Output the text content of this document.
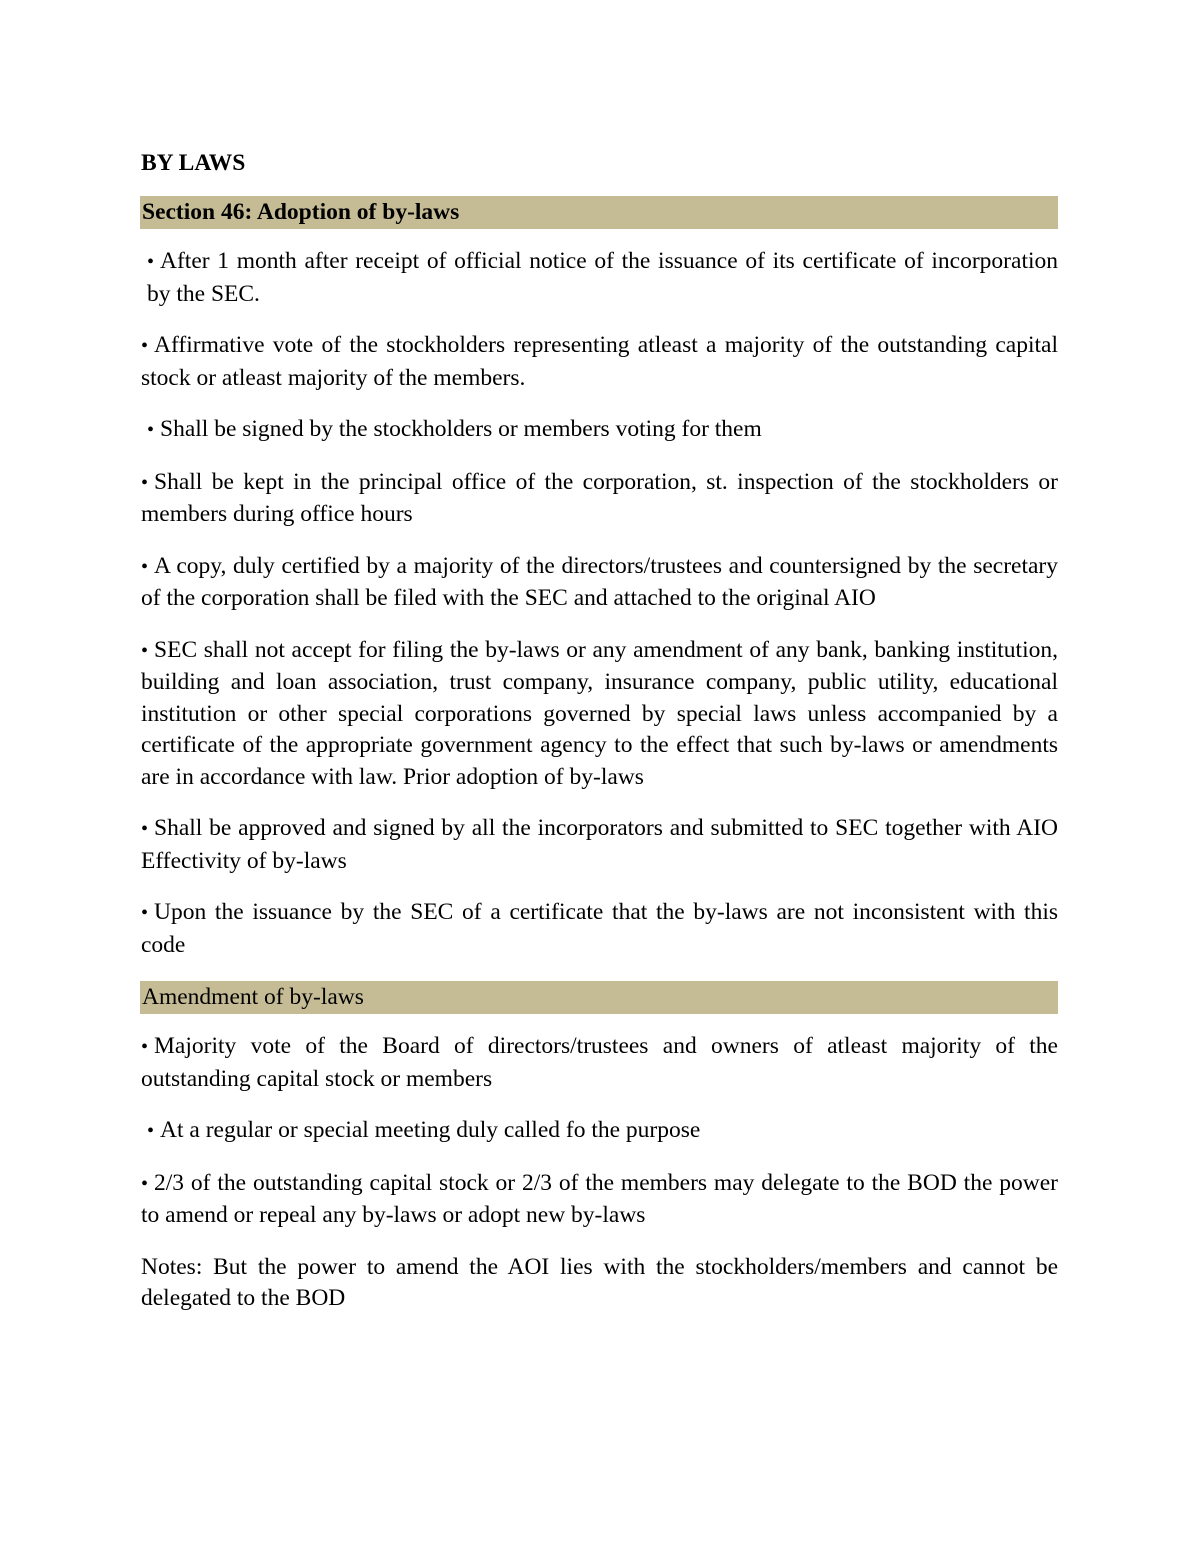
BY LAWS
Section 46: Adoption of by-laws
• After 1 month after receipt of official notice of the issuance of its certificate of incorporation by the SEC.
• Affirmative vote of the stockholders representing atleast a majority of the outstanding capital stock or atleast majority of the members.
• Shall be signed by the stockholders or members voting for them
• Shall be kept in the principal office of the corporation, st. inspection of the stockholders or members during office hours
• A copy, duly certified by a majority of the directors/trustees and countersigned by the secretary of the corporation shall be filed with the SEC and attached to the original AIO
• SEC shall not accept for filing the by-laws or any amendment of any bank, banking institution, building and loan association, trust company, insurance company, public utility, educational institution or other special corporations governed by special laws unless accompanied by a certificate of the appropriate government agency to the effect that such by-laws or amendments are in accordance with law. Prior adoption of by-laws
• Shall be approved and signed by all the incorporators and submitted to SEC together with AIO Effectivity of by-laws
• Upon the issuance by the SEC of a certificate that the by-laws are not inconsistent with this code
Amendment of by-laws
• Majority vote of the Board of directors/trustees and owners of atleast majority of the outstanding capital stock or members
• At a regular or special meeting duly called fo the purpose
• 2/3 of the outstanding capital stock or 2/3 of the members may delegate to the BOD the power to amend or repeal any by-laws or adopt new by-laws
Notes: But the power to amend the AOI lies with the stockholders/members and cannot be delegated to the BOD
